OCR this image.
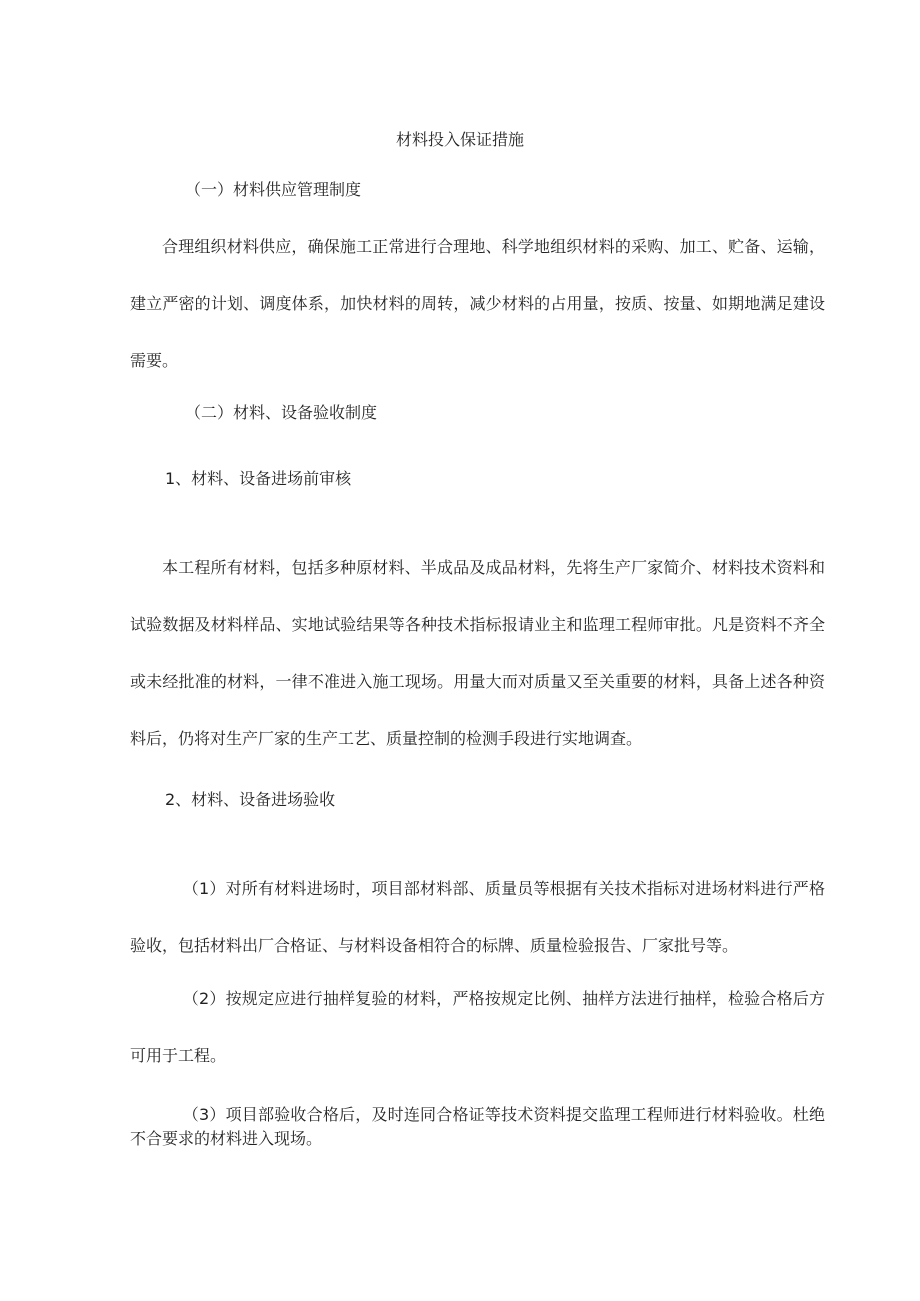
材料投入保证措施
（一）材料供应管理制度

合理组织材料供应，确保施工正常进行合理地、科学地组织材料的采购、加工、贮备、运输，建立严密的计划、调度体系，加快材料的周转，减少材料的占用量，按质、按量、如期地满足建设需要。

（二）材料、设备验收制度
1、材料、设备进场前审核

本工程所有材料，包括多种原材料、半成品及成品材料，先将生产厂家简介、材料技术资料和试验数据及材料样品、实地试验结果等各种技术指标报请业主和监理工程师审批。凡是资料不齐全或未经批准的材料，一律不准进入施工现场。用量大而对质量又至关重要的材料，具备上述各种资料后，仍将对生产厂家的生产工艺、质量控制的检测手段进行实地调查。

2、材料、设备进场验收

（1）对所有材料进场时，项目部材料部、质量员等根据有关技术指标对进场材料进行严格验收，包括材料出厂合格证、与材料设备相符合的标牌、质量检验报告、厂家批号等。

（2）按规定应进行抽样复验的材料，严格按规定比例、抽样方法进行抽样，检验合格后方可用于工程。

（3）项目部验收合格后，及时连同合格证等技术资料提交监理工程师进行材料验收。杜绝不合要求的材料进入现场。
